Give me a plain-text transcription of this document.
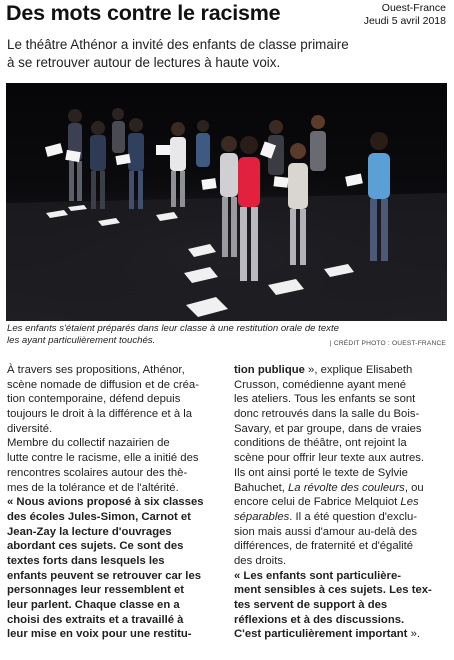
Des mots contre le racisme	Ouest-France
Jeudi 5 avril 2018
Le théâtre Athénor a invité des enfants de classe primaire
à se retrouver autour de lectures à haute voix.
Les enfants s'étaient préparés dans leur classe à une restitution orale de texte
les ayant particulièrement touchés.	| CRÉDIT PHOTO : OUEST-FRANCE
À travers ses propositions, Athénor,
scène nomade de diffusion et de créa-
tion contemporaine, défend depuis
toujours le droit à la différence et à la
diversité.
Membre du collectif nazairien de
lutte contre le racisme, elle a initié des
rencontres scolaires autour des thè-
mes de la tolérance et de l'altérité.
« Nous avions proposé à six classes
des écoles Jules-Simon, Carnot et
Jean-Zay la lecture d'ouvrages
abordant ces sujets. Ce sont des
textes forts dans lesquels les
enfants peuvent se retrouver car les
personnages leur ressemblent et
leur parlent. Chaque classe en a
choisi des extraits et a travaillé à
leur mise en voix pour une restitu-
tion publique », explique Elisabeth
Crusson, comédienne ayant mené
les ateliers. Tous les enfants se sont
donc retrouvés dans la salle du Bois-
Savary, et par groupe, dans de vraies
conditions de théâtre, ont rejoint la
scène pour offrir leur texte aux autres.
Ils ont ainsi porté le texte de Sylvie
Bahuchet, La révolte des couleurs, ou
encore celui de Fabrice Melquiot Les
séparables. Il a été question d'exclu-
sion mais aussi d'amour au-delà des
différences, de fraternité et d'égalité
des droits.
« Les enfants sont particulière-
ment sensibles à ces sujets. Les tex-
tes servent de support à des
réflexions et à des discussions.
C'est particulièrement important ».
